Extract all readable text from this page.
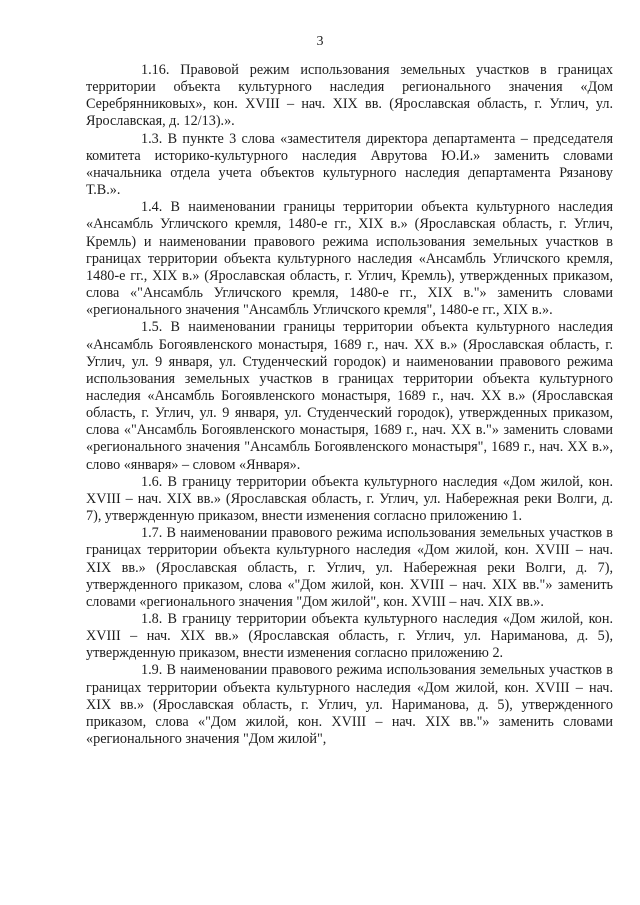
3

1.16. Правовой режим использования земельных участков в границах территории объекта культурного наследия регионального значения «Дом Серебрянниковых», кон. XVIII – нач. XIX вв. (Ярославская область, г. Углич, ул. Ярославская, д. 12/13).».

1.3. В пункте 3 слова «заместителя директора департамента – председателя комитета историко-культурного наследия Аврутова Ю.И.» заменить словами «начальника отдела учета объектов культурного наследия департамента Рязанову Т.В.».

1.4. В наименовании границы территории объекта культурного наследия «Ансамбль Угличского кремля, 1480-е гг., XIX в.» (Ярославская область, г. Углич, Кремль) и наименовании правового режима использования земельных участков в границах территории объекта культурного наследия «Ансамбль Угличского кремля, 1480-е гг., XIX в.» (Ярославская область, г. Углич, Кремль), утвержденных приказом, слова «"Ансамбль Угличского кремля, 1480-е гг., XIX в."» заменить словами «регионального значения "Ансамбль Угличского кремля", 1480-е гг., XIX в.».

1.5. В наименовании границы территории объекта культурного наследия «Ансамбль Богоявленского монастыря, 1689 г., нач. XX в.» (Ярославская область, г. Углич, ул. 9 января, ул. Студенческий городок) и наименовании правового режима использования земельных участков в границах территории объекта культурного наследия «Ансамбль Богоявленского монастыря, 1689 г., нач. XX в.» (Ярославская область, г. Углич, ул. 9 января, ул. Студенческий городок), утвержденных приказом, слова «"Ансамбль Богоявленского монастыря, 1689 г., нач. XX в."» заменить словами «регионального значения "Ансамбль Богоявленского монастыря", 1689 г., нач. XX в.», слово «января» – словом «Января».

1.6. В границу территории объекта культурного наследия «Дом жилой, кон. XVIII – нач. XIX вв.» (Ярославская область, г. Углич, ул. Набережная реки Волги, д. 7), утвержденную приказом, внести изменения согласно приложению 1.

1.7. В наименовании правового режима использования земельных участков в границах территории объекта культурного наследия «Дом жилой, кон. XVIII – нач. XIX вв.» (Ярославская область, г. Углич, ул. Набережная реки Волги, д. 7), утвержденного приказом, слова «"Дом жилой, кон. XVIII – нач. XIX вв."» заменить словами «регионального значения "Дом жилой", кон. XVIII – нач. XIX вв.».

1.8. В границу территории объекта культурного наследия «Дом жилой, кон. XVIII – нач. XIX вв.» (Ярославская область, г. Углич, ул. Нариманова, д. 5), утвержденную приказом, внести изменения согласно приложению 2.

1.9. В наименовании правового режима использования земельных участков в границах территории объекта культурного наследия «Дом жилой, кон. XVIII – нач. XIX вв.» (Ярославская область, г. Углич, ул. Нариманова, д. 5), утвержденного приказом, слова «"Дом жилой, кон. XVIII – нач. XIX вв."» заменить словами «регионального значения "Дом жилой",
